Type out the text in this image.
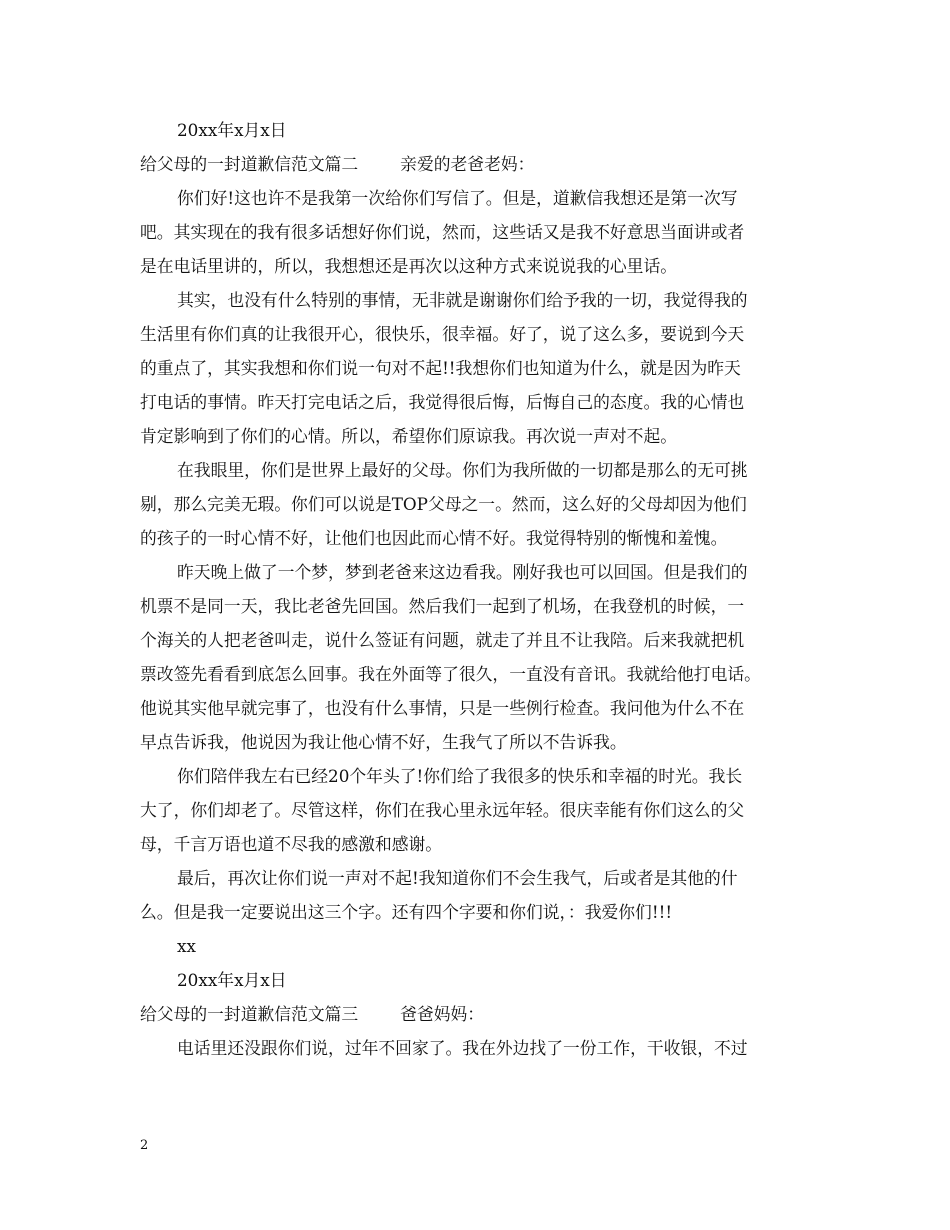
20xx年x月x日
给父母的一封道歉信范文篇二	亲爱的老爸老妈：
你们好!这也许不是我第一次给你们写信了。但是，道歉信我想还是第一次写
吧。其实现在的我有很多话想好你们说，然而，这些话又是我不好意思当面讲或者
是在电话里讲的，所以，我想想还是再次以这种方式来说说我的心里话。
其实，也没有什么特别的事情，无非就是谢谢你们给予我的一切，我觉得我的
生活里有你们真的让我很开心，很快乐，很幸福。好了，说了这么多，要说到今天
的重点了，其实我想和你们说一句对不起!!我想你们也知道为什么，就是因为昨天
打电话的事情。昨天打完电话之后，我觉得很后悔，后悔自己的态度。我的心情也
肯定影响到了你们的心情。所以，希望你们原谅我。再次说一声对不起。
在我眼里，你们是世界上最好的父母。你们为我所做的一切都是那么的无可挑
剔，那么完美无瑕。你们可以说是TOP父母之一。然而，这么好的父母却因为他们
的孩子的一时心情不好，让他们也因此而心情不好。我觉得特别的惭愧和羞愧。
昨天晚上做了一个梦，梦到老爸来这边看我。刚好我也可以回国。但是我们的
机票不是同一天，我比老爸先回国。然后我们一起到了机场，在我登机的时候，一
个海关的人把老爸叫走，说什么签证有问题，就走了并且不让我陪。后来我就把机
票改签先看看到底怎么回事。我在外面等了很久，一直没有音讯。我就给他打电话。
他说其实他早就完事了，也没有什么事情，只是一些例行检查。我问他为什么不在
早点告诉我，他说因为我让他心情不好，生我气了所以不告诉我。
你们陪伴我左右已经20个年头了!你们给了我很多的快乐和幸福的时光。我长
大了，你们却老了。尽管这样，你们在我心里永远年轻。很庆幸能有你们这么的父
母，千言万语也道不尽我的感激和感谢。
最后，再次让你们说一声对不起!我知道你们不会生我气，后或者是其他的什
么。但是我一定要说出这三个字。还有四个字要和你们说，：我爱你们!!!
xx
20xx年x月x日
给父母的一封道歉信范文篇三	爸爸妈妈：
电话里还没跟你们说，过年不回家了。我在外边找了一份工作，干收银，不过
2
